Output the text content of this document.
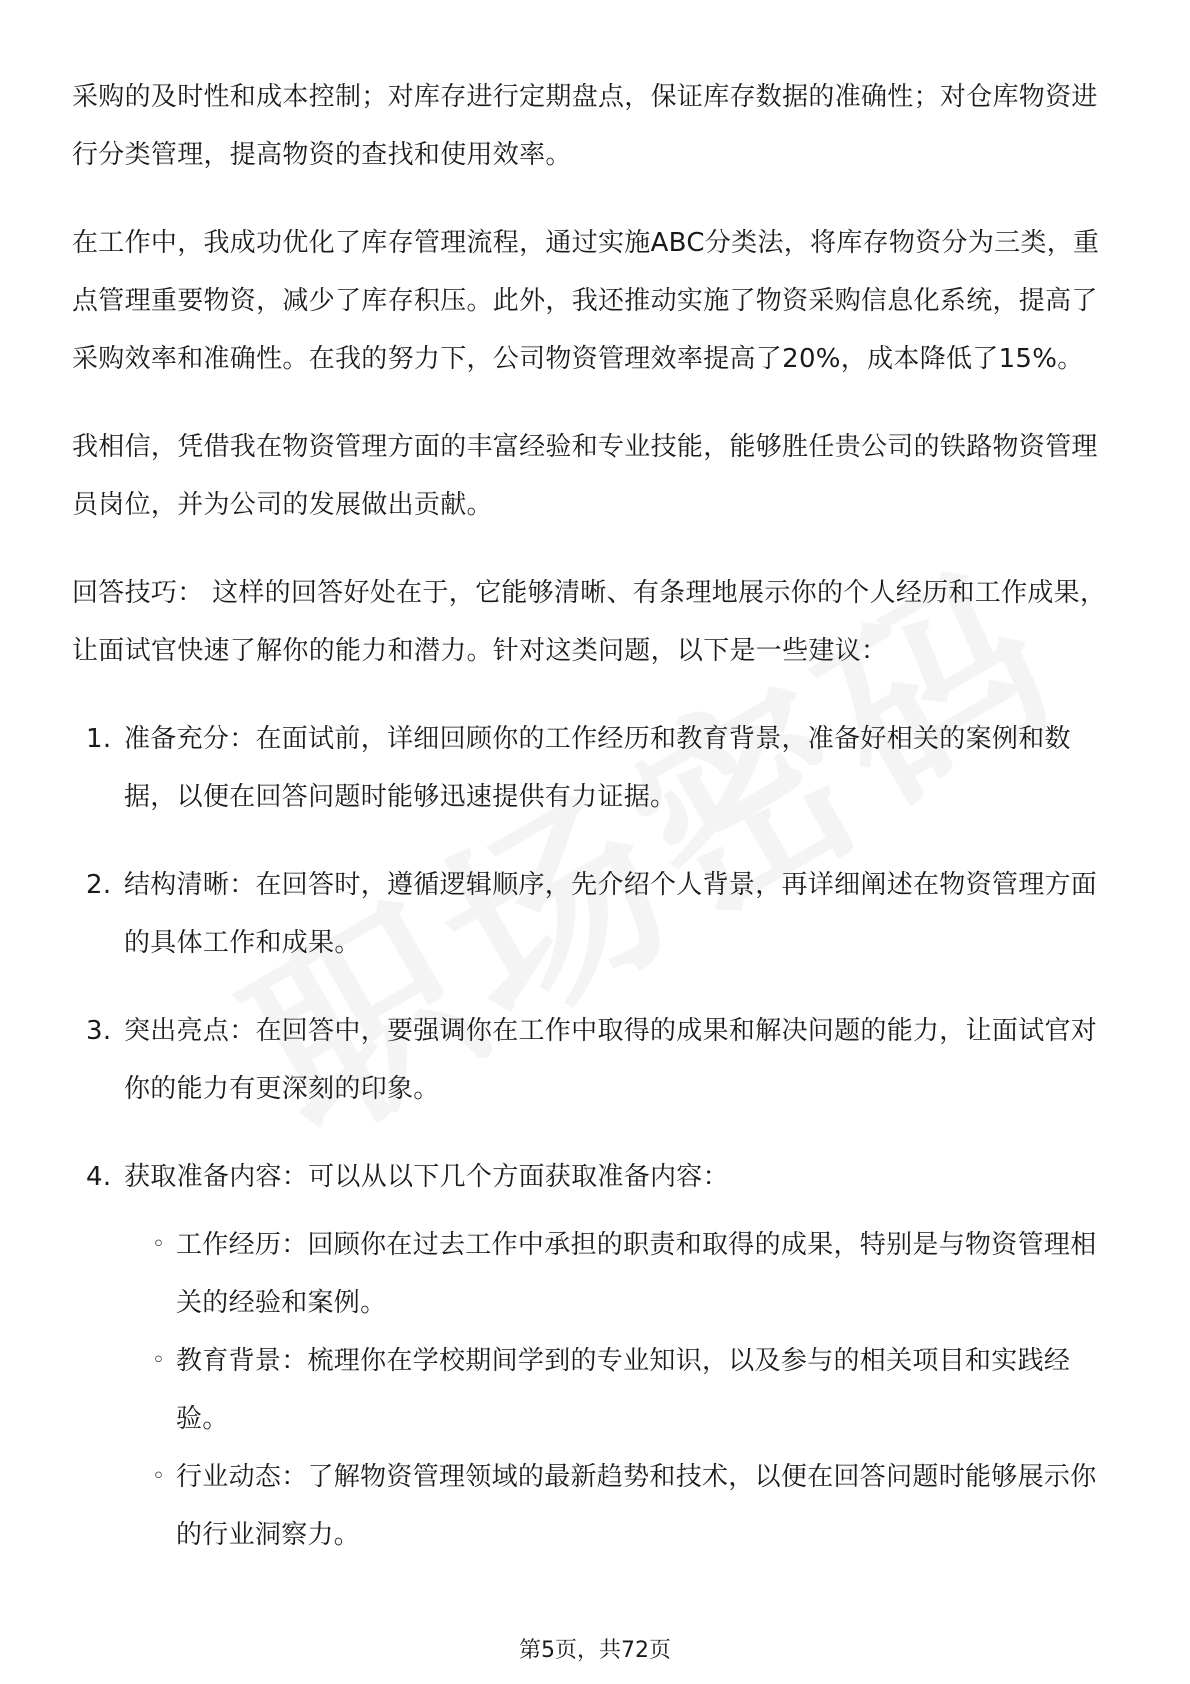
采购的及时性和成本控制；对库存进行定期盘点，保证库存数据的准确性；对仓库物资进行分类管理，提高物资的查找和使用效率。

在工作中，我成功优化了库存管理流程，通过实施ABC分类法，将库存物资分为三类，重点管理重要物资，减少了库存积压。此外，我还推动实施了物资采购信息化系统，提高了采购效率和准确性。在我的努力下，公司物资管理效率提高了20%，成本降低了15%。

我相信，凭借我在物资管理方面的丰富经验和专业技能，能够胜任贵公司的铁路物资管理员岗位，并为公司的发展做出贡献。

回答技巧： 这样的回答好处在于，它能够清晰、有条理地展示你的个人经历和工作成果，让面试官快速了解你的能力和潜力。针对这类问题，以下是一些建议：

1. 准备充分：在面试前，详细回顾你的工作经历和教育背景，准备好相关的案例和数据，以便在回答问题时能够迅速提供有力证据。
2. 结构清晰：在回答时，遵循逻辑顺序，先介绍个人背景，再详细阐述在物资管理方面的具体工作和成果。
3. 突出亮点：在回答中，要强调你在工作中取得的成果和解决问题的能力，让面试官对你的能力有更深刻的印象。
4. 获取准备内容：可以从以下几个方面获取准备内容：
◦ 工作经历：回顾你在过去工作中承担的职责和取得的成果，特别是与物资管理相关的经验和案例。
◦ 教育背景：梳理你在学校期间学到的专业知识，以及参与的相关项目和实践经验。
◦ 行业动态：了解物资管理领域的最新趋势和技术，以便在回答问题时能够展示你的行业洞察力。
第5页，共72页
